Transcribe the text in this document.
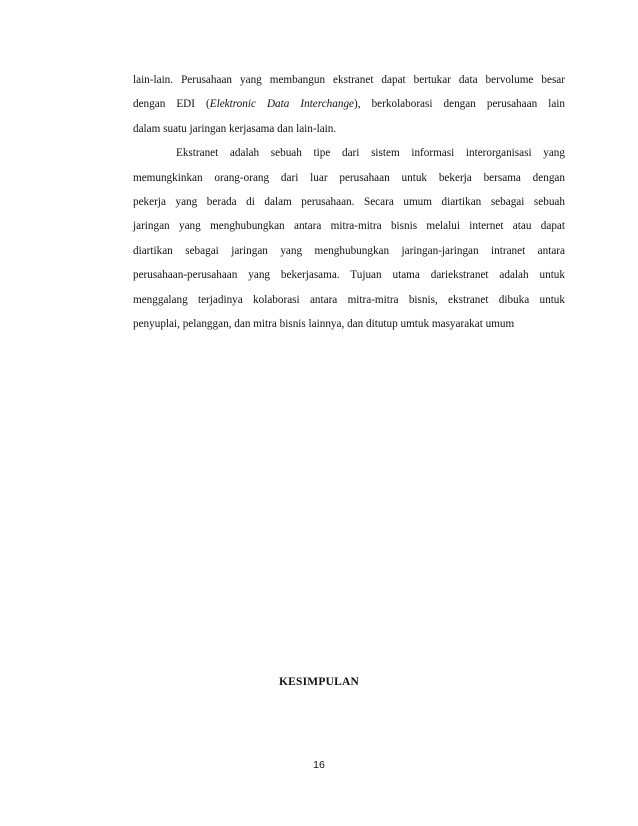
lain-lain. Perusahaan yang membangun ekstranet dapat bertukar data bervolume besar
dengan EDI (Elektronic Data Interchange), berkolaborasi dengan perusahaan lain
dalam suatu jaringan kerjasama dan lain-lain.
Ekstranet adalah sebuah tipe dari sistem informasi interorganisasi yang
memungkinkan orang-orang dari luar perusahaan untuk bekerja bersama dengan
pekerja yang berada di dalam perusahaan. Secara umum diartikan sebagai sebuah
jaringan yang menghubungkan antara mitra-mitra bisnis melalui internet atau dapat
diartikan sebagai jaringan yang menghubungkan jaringan-jaringan intranet antara
perusahaan-perusahaan yang bekerjasama. Tujuan utama dariekstranet adalah untuk
menggalang terjadinya kolaborasi antara mitra-mitra bisnis, ekstranet dibuka untuk
penyuplai, pelanggan, dan mitra bisnis lainnya, dan ditutup umtuk masyarakat umum
KESIMPULAN
16
